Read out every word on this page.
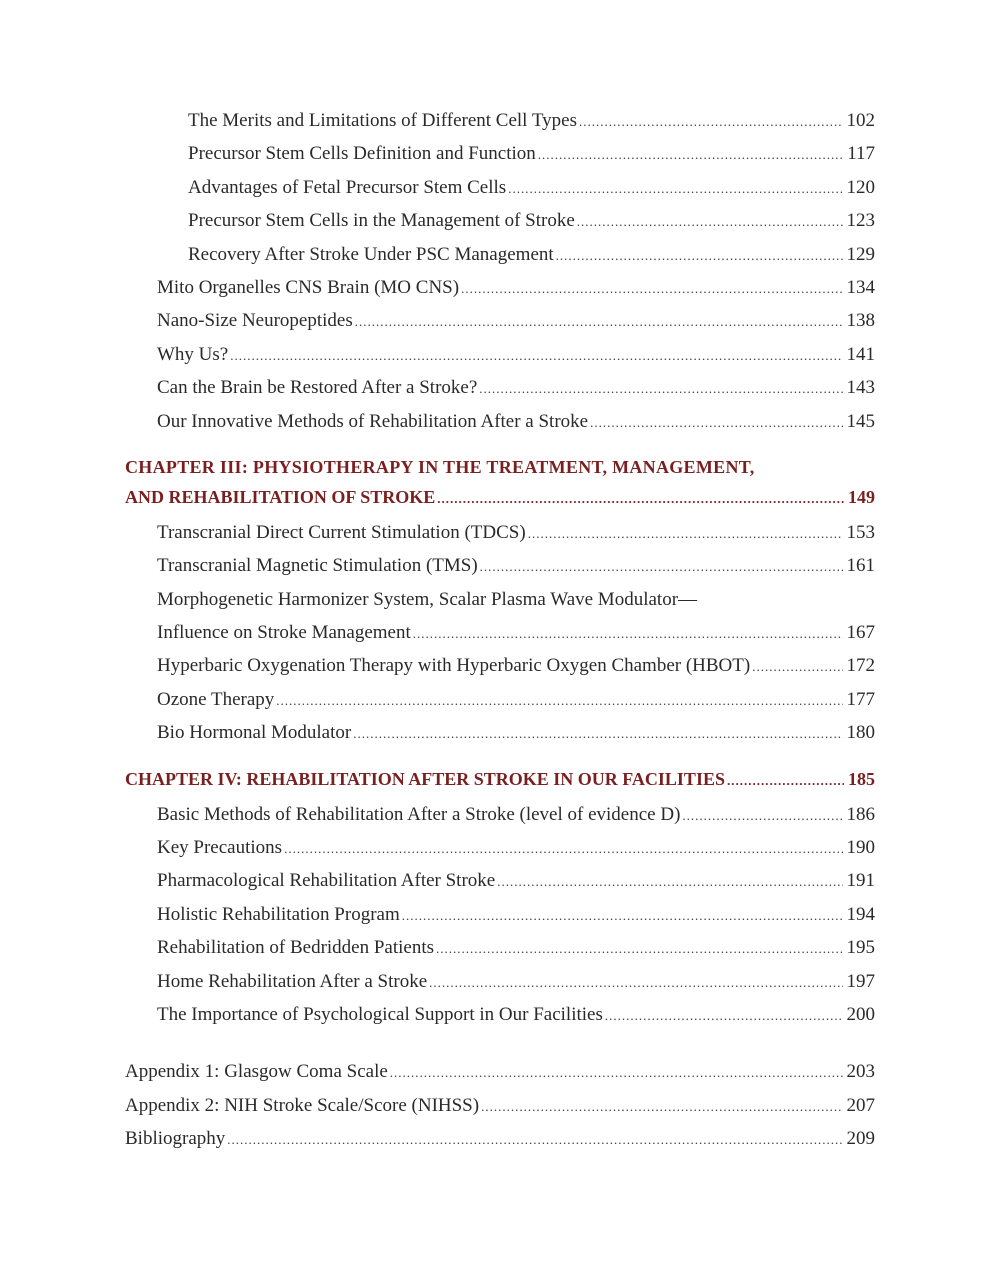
The Merits and Limitations of Different Cell Types .....	102
Precursor Stem Cells Definition and Function .....	117
Advantages of Fetal Precursor Stem Cells .....	120
Precursor Stem Cells in the Management of Stroke .....	123
Recovery After Stroke Under PSC Management .....	129
Mito Organelles CNS Brain (MO CNS) .....	134
Nano-Size Neuropeptides .....	138
Why Us? .....	141
Can the Brain be Restored After a Stroke? .....	143
Our Innovative Methods of Rehabilitation After a Stroke .....	145
CHAPTER III: PHYSIOTHERAPY IN THE TREATMENT, MANAGEMENT,
AND REHABILITATION OF STROKE .....	149
Transcranial Direct Current Stimulation (TDCS) .....	153
Transcranial Magnetic Stimulation (TMS) .....	161
Morphogenetic Harmonizer System, Scalar Plasma Wave Modulator—
Influence on Stroke Management .....	167
Hyperbaric Oxygenation Therapy with Hyperbaric Oxygen Chamber (HBOT) .....	172
Ozone Therapy .....	177
Bio Hormonal Modulator .....	180
CHAPTER IV: REHABILITATION AFTER STROKE IN OUR FACILITIES .....	185
Basic Methods of Rehabilitation After a Stroke (level of evidence D) .....	186
Key Precautions .....	190
Pharmacological Rehabilitation After Stroke .....	191
Holistic Rehabilitation Program .....	194
Rehabilitation of Bedridden Patients .....	195
Home Rehabilitation After a Stroke .....	197
The Importance of Psychological Support in Our Facilities .....	200
Appendix 1: Glasgow Coma Scale .....	203
Appendix 2: NIH Stroke Scale/Score (NIHSS) .....	207
Bibliography .....	209
